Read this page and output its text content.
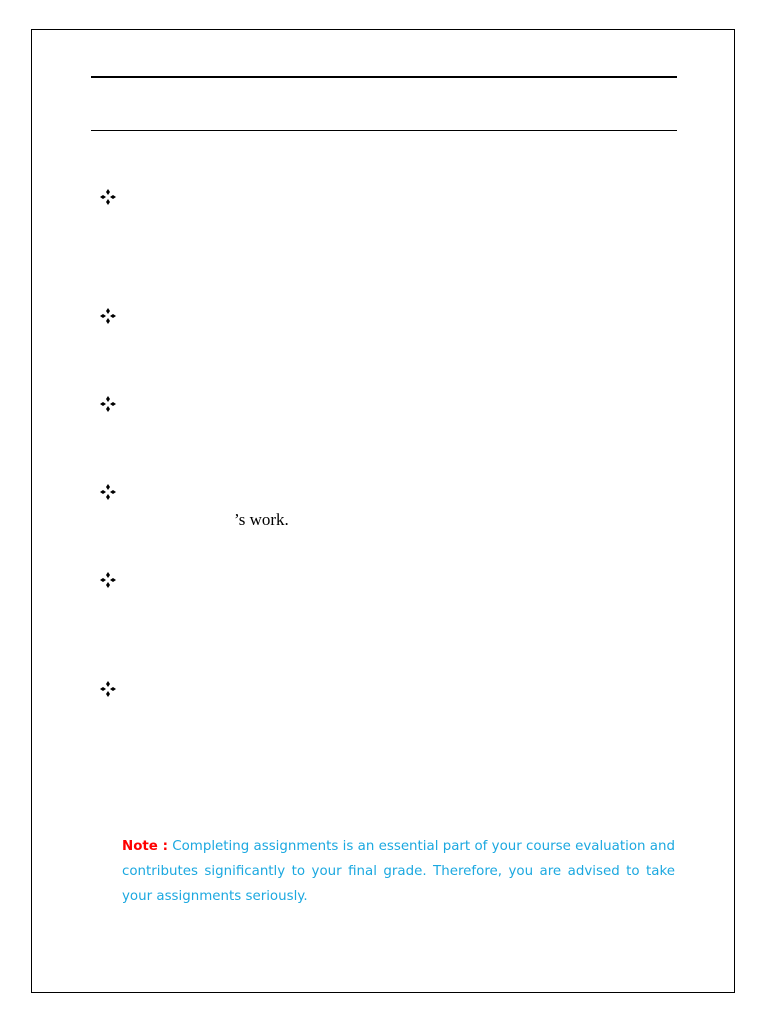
’s work.
Note : Completing assignments is an essential part of your course evaluation and contributes significantly to your final grade. Therefore, you are advised to take your assignments seriously.
